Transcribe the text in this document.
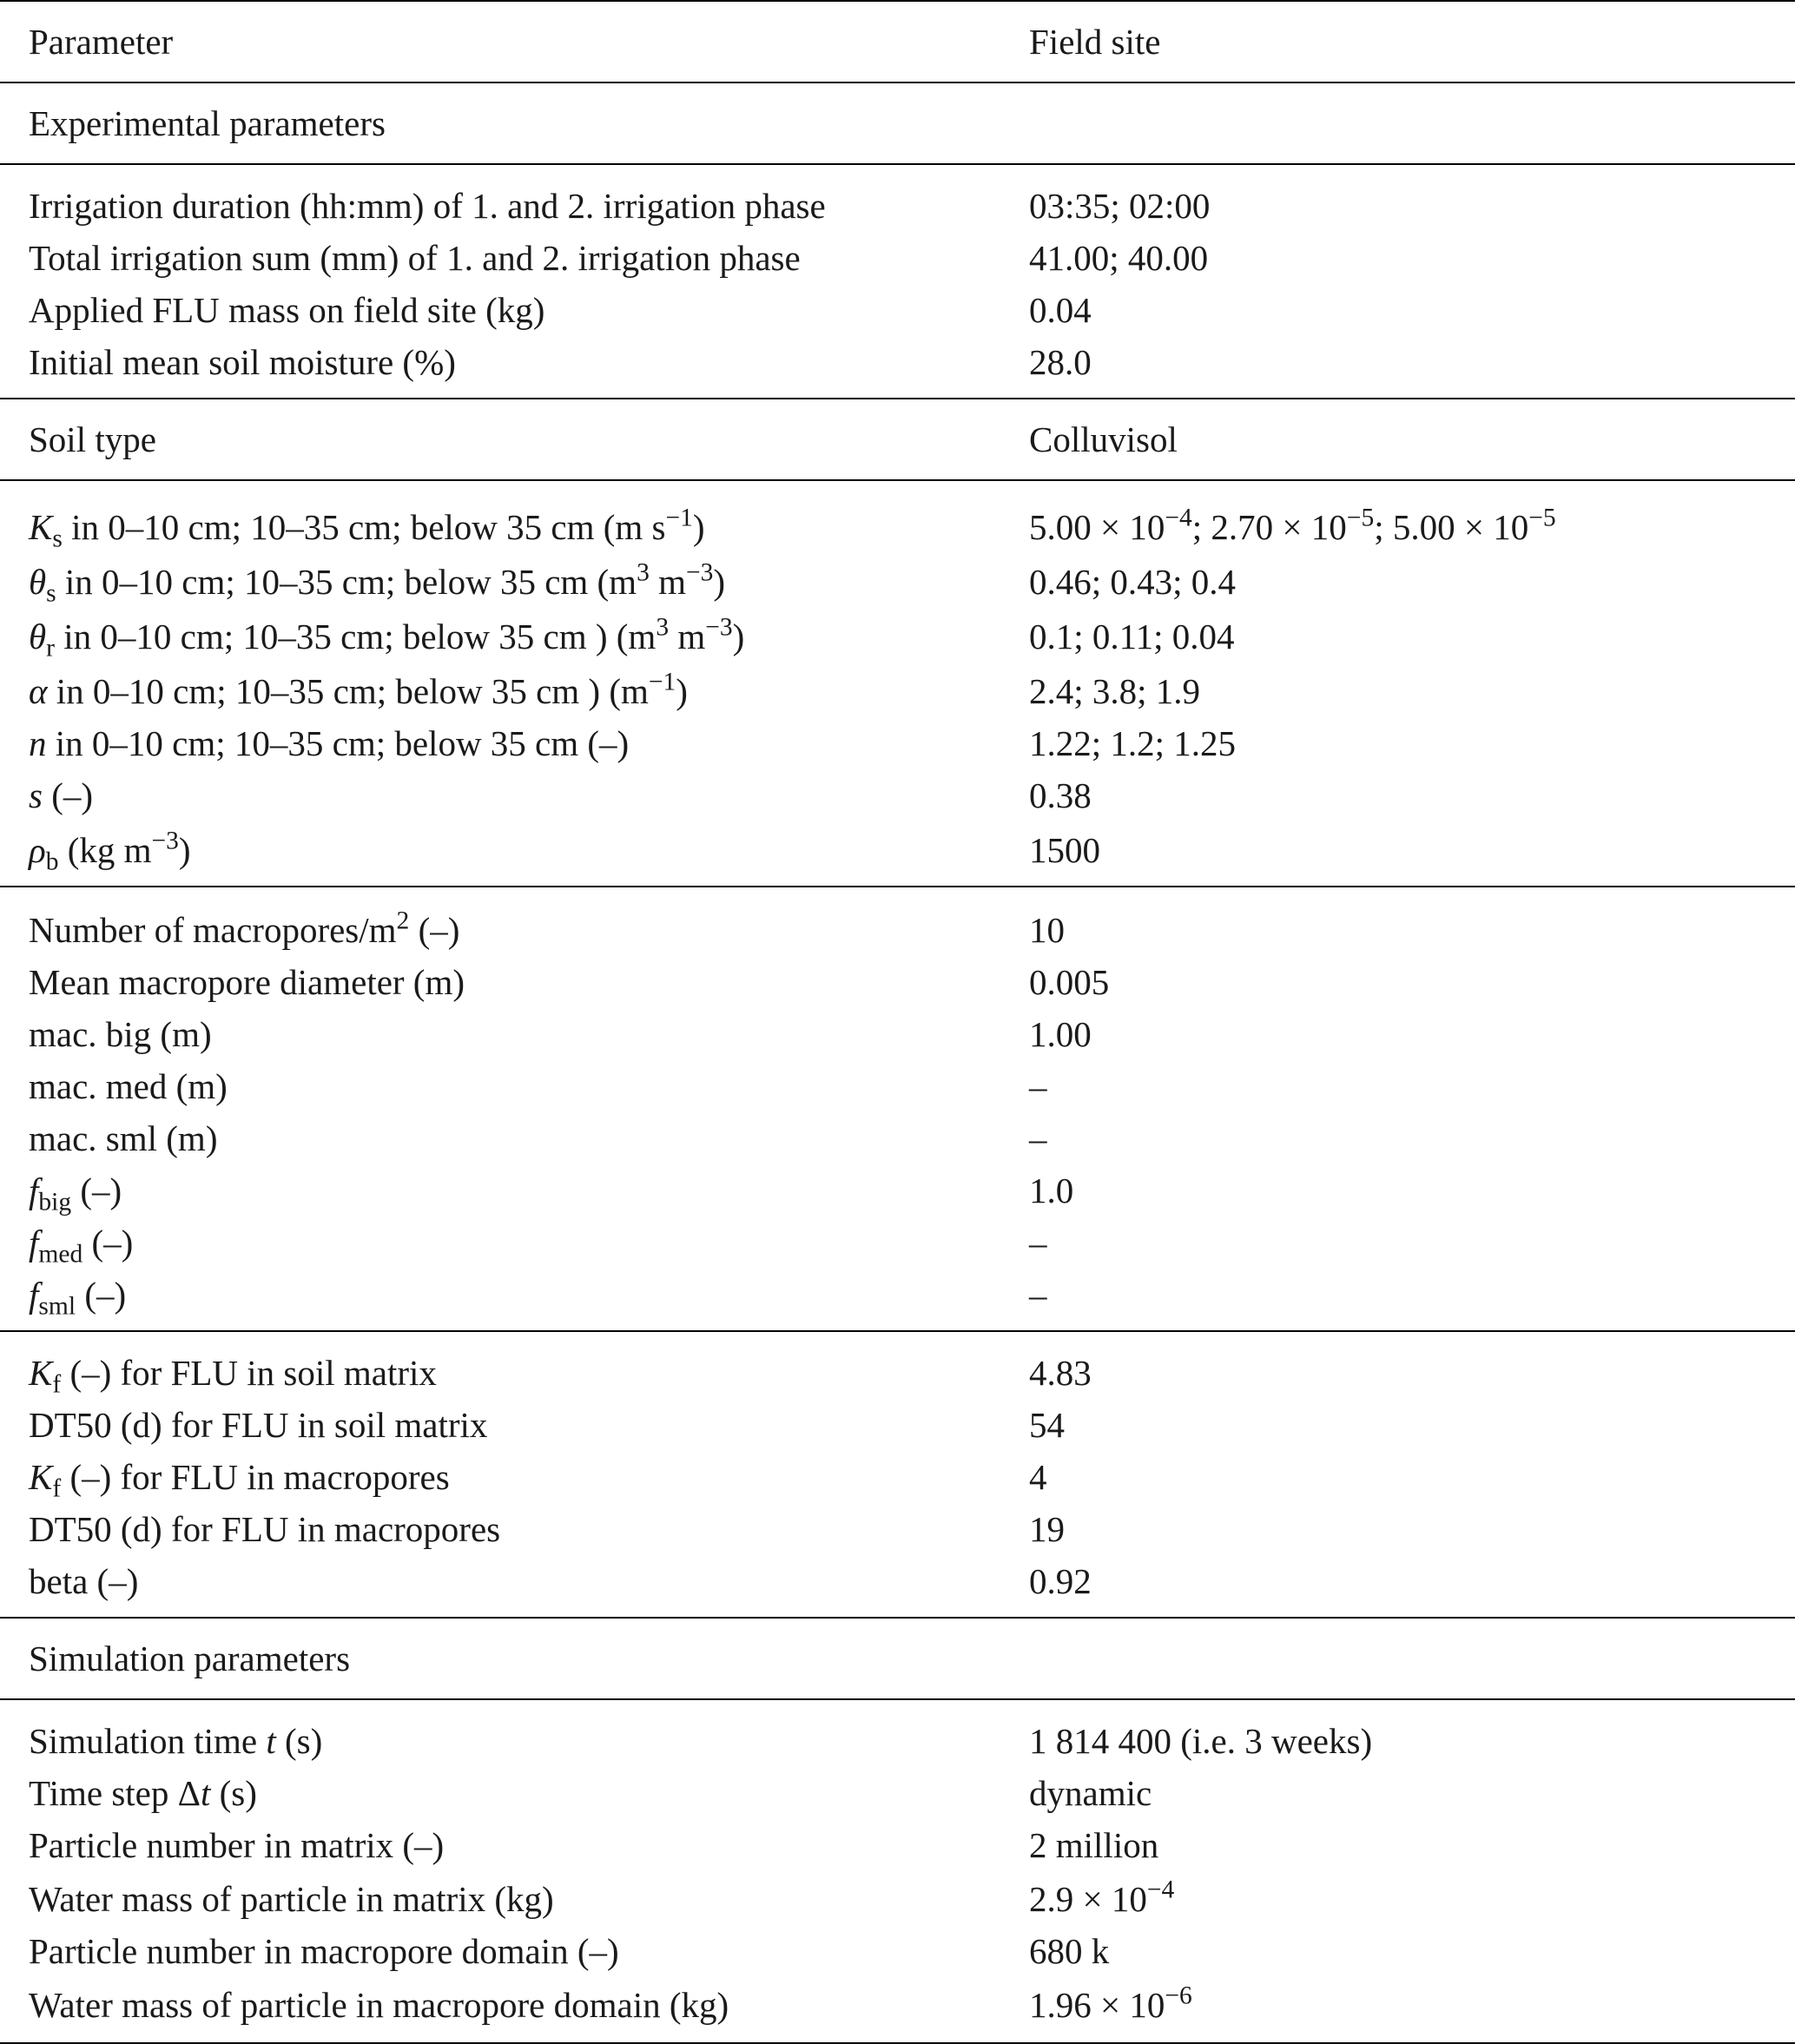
Parameter	Field site
Experimental parameters
Irrigation duration (hh:mm) of 1. and 2. irrigation phase	03:35; 02:00
Total irrigation sum (mm) of 1. and 2. irrigation phase	41.00; 40.00
Applied FLU mass on field site (kg)	0.04
Initial mean soil moisture (%)	28.0
Soil type	Colluvisol
$K_s$ in 0–10 cm; 10–35 cm; below 35 cm (m $s^{-1}$)	$5.00 \times 10^{-4}$; $2.70 \times 10^{-5}$; $5.00 \times 10^{-5}$
$\theta_s$ in 0–10 cm; 10–35 cm; below 35 cm ($m^3$ $m^{-3}$)	0.46; 0.43; 0.4
$\theta_r$ in 0–10 cm; 10–35 cm; below 35 cm ) ($m^3$ $m^{-3}$)	0.1; 0.11; 0.04
α in 0–10 cm; 10–35 cm; below 35 cm ) $(m^{-1})$	2.4; 3.8; 1.9
n in 0–10 cm; 10–35 cm; below 35 cm (–)	1.22; 1.2; 1.25
s (–)	0.38
$\rho_b$ (kg $m^{-3}$)	1500
Number of macropores/$m^2$ (–)	10
Mean macropore diameter (m)	0.005
mac. big (m)	1.00
mac. med (m)	–
mac. sml (m)	–
$f_{big}$ (–)	1.0
$f_{med}$ (–)	–
$f_{sml}$ (–)	–
$K_f$ (–) for FLU in soil matrix	4.83
DT50 (d) for FLU in soil matrix	54
$K_f$ (–) for FLU in macropores	4
DT50 (d) for FLU in macropores	19
beta (–)	0.92
Simulation parameters
Simulation time t (s)	1 814 400 (i.e. 3 weeks)
Time step Δt (s)	dynamic
Particle number in matrix (–)	2 million
Water mass of particle in matrix (kg)	$2.9 \times 10^{-4}$
Particle number in macropore domain (–)	680 k
Water mass of particle in macropore domain (kg)	$1.96 \times 10^{-6}$
